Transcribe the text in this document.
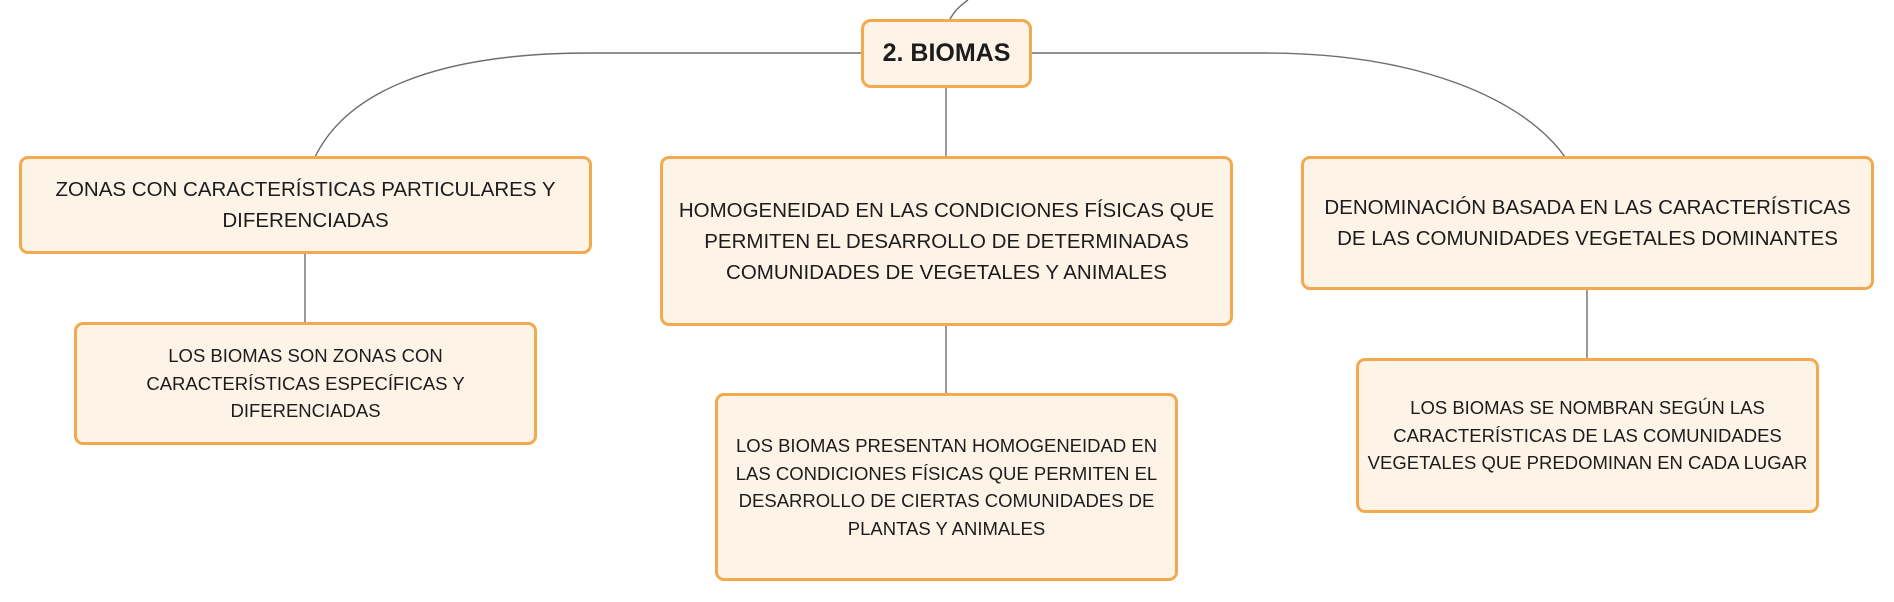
2. BIOMAS
ZONAS CON CARACTERÍSTICAS PARTICULARES Y DIFERENCIADAS	HOMOGENEIDAD EN LAS CONDICIONES FÍSICAS QUE PERMITEN EL DESARROLLO DE DETERMINADAS COMUNIDADES DE VEGETALES Y ANIMALES
DENOMINACIÓN BASADA EN LAS CARACTERÍSTICAS DE LAS COMUNIDADES VEGETALES DOMINANTES
LOS BIOMAS SON ZONAS CON CARACTERÍSTICAS ESPECÍFICAS Y DIFERENCIADAS
LOS BIOMAS PRESENTAN HOMOGENEIDAD EN LAS CONDICIONES FÍSICAS QUE PERMITEN EL DESARROLLO DE CIERTAS COMUNIDADES DE PLANTAS Y ANIMALES
LOS BIOMAS SE NOMBRAN SEGÚN LAS CARACTERÍSTICAS DE LAS COMUNIDADES VEGETALES QUE PREDOMINAN EN CADA LUGAR
